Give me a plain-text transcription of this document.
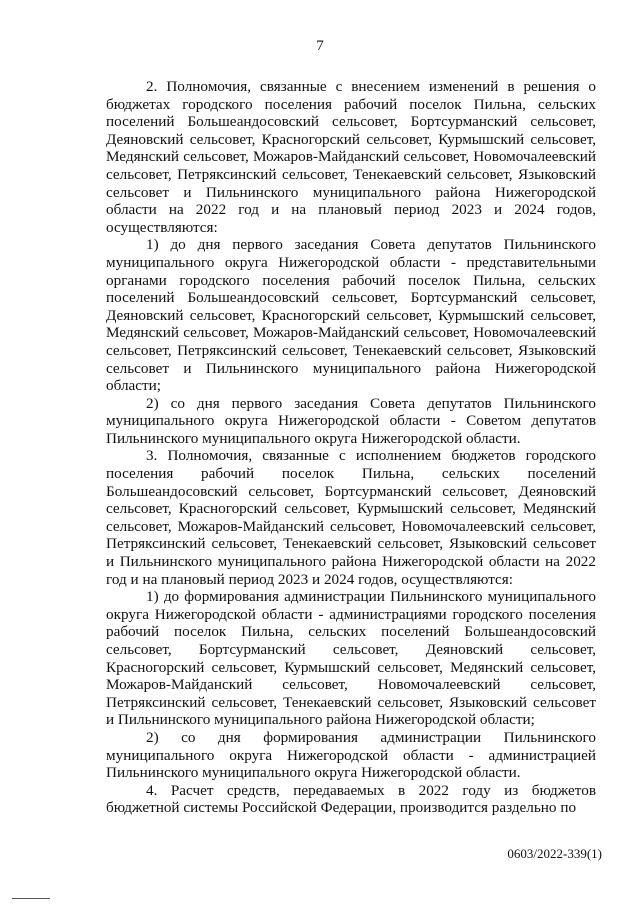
7

2. Полномочия, связанные с внесением изменений в решения о бюджетах городского поселения рабочий поселок Пильна, сельских поселений Большеандосовский сельсовет, Бортсурманский сельсовет, Деяновский сельсовет, Красногорский сельсовет, Курмышский сельсовет, Медянский сельсовет, Можаров-Майданский сельсовет, Новомочалеевский сельсовет, Петряксинский сельсовет, Тенекаевский сельсовет, Языковский сельсовет и Пильнинского муниципального района Нижегородской области на 2022 год и на плановый период 2023 и 2024 годов, осуществляются:

1) до дня первого заседания Совета депутатов Пильнинского муниципального округа Нижегородской области - представительными органами городского поселения рабочий поселок Пильна, сельских поселений Большеандосовский сельсовет, Бортсурманский сельсовет, Деяновский сельсовет, Красногорский сельсовет, Курмышский сельсовет, Медянский сельсовет, Можаров-Майданский сельсовет, Новомочалеевский сельсовет, Петряксинский сельсовет, Тенекаевский сельсовет, Языковский сельсовет и Пильнинского муниципального района Нижегородской области;

2) со дня первого заседания Совета депутатов Пильнинского муниципального округа Нижегородской области - Советом депутатов Пильнинского муниципального округа Нижегородской области.

3. Полномочия, связанные с исполнением бюджетов городского поселения рабочий поселок Пильна, сельских поселений Большеандосовский сельсовет, Бортсурманский сельсовет, Деяновский сельсовет, Красногорский сельсовет, Курмышский сельсовет, Медянский сельсовет, Можаров-Майданский сельсовет, Новомочалеевский сельсовет, Петряксинский сельсовет, Тенекаевский сельсовет, Языковский сельсовет и Пильнинского муниципального района Нижегородской области на 2022 год и на плановый период 2023 и 2024 годов, осуществляются:

1) до формирования администрации Пильнинского муниципального округа Нижегородской области - администрациями городского поселения рабочий поселок Пильна, сельских поселений Большеандосовский сельсовет, Бортсурманский сельсовет, Деяновский сельсовет, Красногорский сельсовет, Курмышский сельсовет, Медянский сельсовет, Можаров-Майданский сельсовет, Новомочалеевский сельсовет, Петряксинский сельсовет, Тенекаевский сельсовет, Языковский сельсовет и Пильнинского муниципального района Нижегородской области;

2) со дня формирования администрации Пильнинского муниципального округа Нижегородской области - администрацией Пильнинского муниципального округа Нижегородской области.

4. Расчет средств, передаваемых в 2022 году из бюджетов бюджетной системы Российской Федерации, производится раздельно по

0603/2022-339(1)
